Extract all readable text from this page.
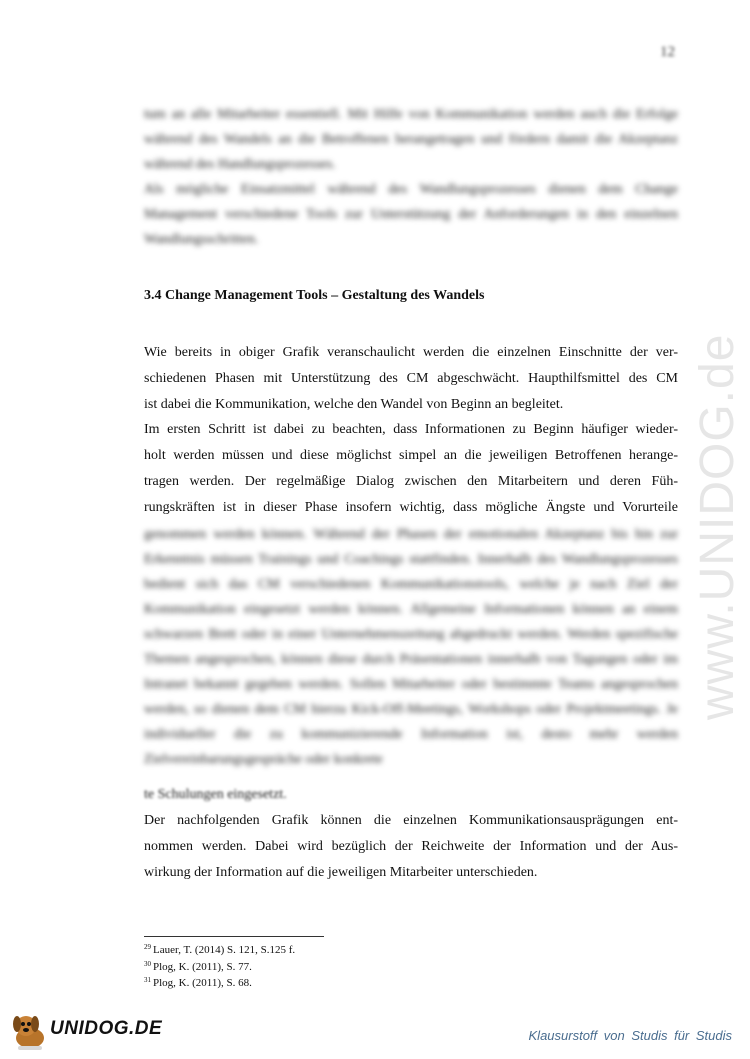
12
www.UNIDOG.de

tum an alle Mitarbeiter essentiell. Mit Hilfe von Kommunikation werden auch die Erfolge während des Wandels an die Betroffenen herangetragen und fördern damit die Akzeptanz während des Handlungsprozesses.

Als mögliche Einsatzmittel während des Wandlungsprozesses dienen dem Change Management verschiedene Tools zur Unterstützung der Anforderungen in den einzelnen Wandlungsschritten.

3.4 Change Management Tools – Gestaltung des Wandels
Wie bereits in obiger Grafik veranschaulicht werden die einzelnen Einschnitte der ver-
schiedenen Phasen mit Unterstützung des CM abgeschwächt. Haupthilfsmittel des CM
ist dabei die Kommunikation, welche den Wandel von Beginn an begleitet.
Im ersten Schritt ist dabei zu beachten, dass Informationen zu Beginn häufiger wieder-
holt werden müssen und diese möglichst simpel an die jeweiligen Betroffenen herange-
tragen werden. Der regelmäßige Dialog zwischen den Mitarbeitern und deren Füh-
rungskräften ist in dieser Phase insofern wichtig, dass mögliche Ängste und Vorurteile

genommen werden können. Während der Phasen der emotionalen Akzeptanz bis hin zur Erkenntnis müssen Trainings und Coachings stattfinden. Innerhalb des Wandlungsprozesses bedient sich das CM verschiedenen Kommunikationstools, welche je nach Ziel der Kommunikation eingesetzt werden können. Allgemeine Informationen können an einem schwarzen Brett oder in einer Unternehmenszeitung abgedruckt werden. Werden spezifische Themen angesprochen, können diese durch Präsentationen innerhalb von Tagungen oder im Intranet bekannt gegeben werden. Sollen Mitarbeiter oder bestimmte Teams angesprochen werden, so dienen dem CM hierzu Kick-Off-Meetings, Workshops oder Projektmeetings. Je individueller die zu kommunizierende Information ist, desto mehr werden Zielvereinbarungsgespräche oder konkrete

te Schulungen eingesetzt.
Der nachfolgenden Grafik können die einzelnen Kommunikationsausprägungen ent-
nommen werden. Dabei wird bezüglich der Reichweite der Information und der Aus-
wirkung der Information auf die jeweiligen Mitarbeiter unterschieden.
$^{29}$ Lauer, T. (2014) S. 121, S.125 f.
$^{30}$ Plog, K. (2011), S. 77.
$^{31}$ Plog, K. (2011), S. 68.
UNIDOG.DE	Klausurstoff von Studis für Studis
